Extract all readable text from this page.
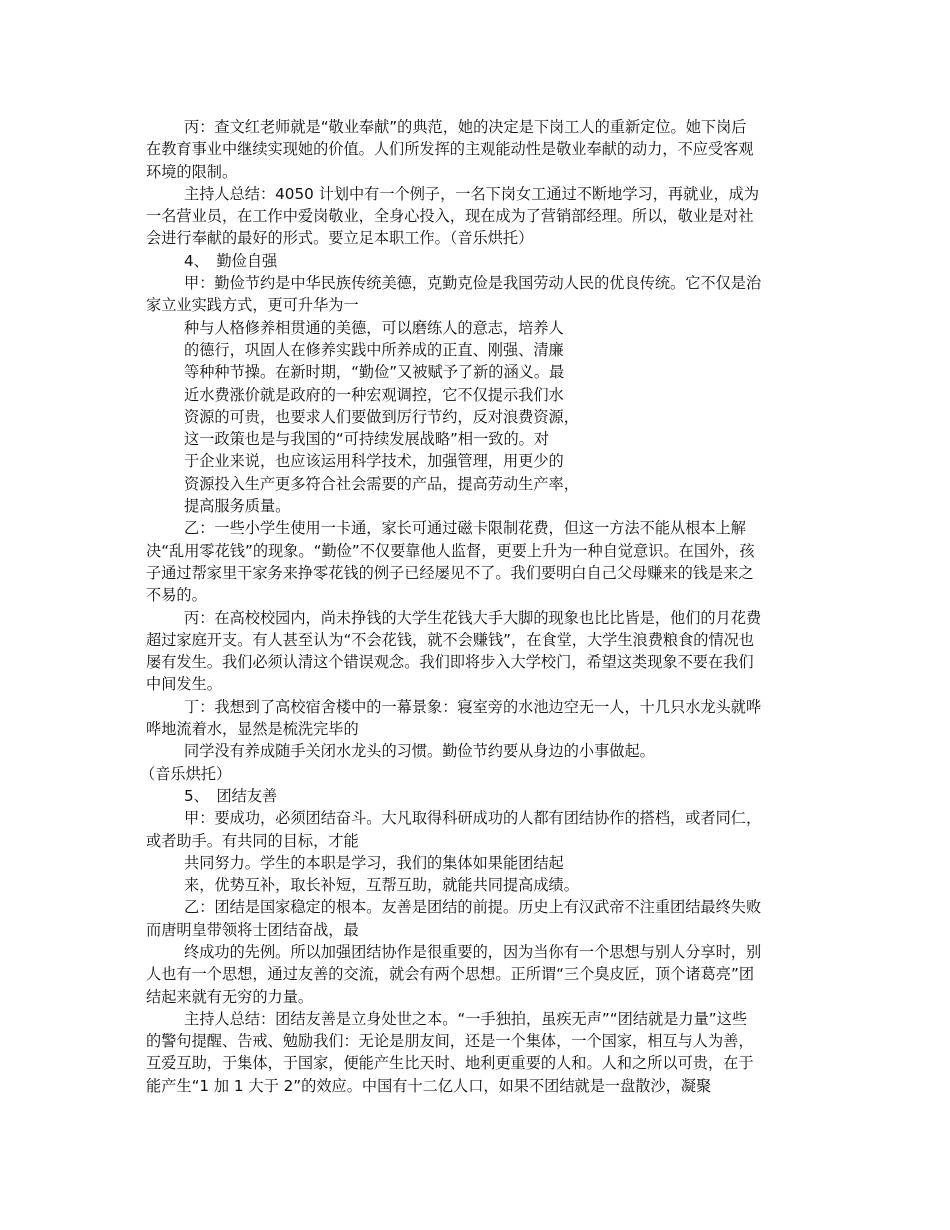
丙：查文红老师就是“敬业奉献”的典范，她的决定是下岗工人的重新定位。她下岗后
在教育事业中继续实现她的价值。人们所发挥的主观能动性是敬业奉献的动力，不应受客观
环境的限制。
主持人总结：4050 计划中有一个例子，一名下岗女工通过不断地学习，再就业，成为
一名营业员，在工作中爱岗敬业，全身心投入，现在成为了营销部经理。所以，敬业是对社
会进行奉献的最好的形式。要立足本职工作。（音乐烘托）
4、　勤俭自强
甲：勤俭节约是中华民族传统美德，克勤克俭是我国劳动人民的优良传统。它不仅是治
家立业实践方式，更可升华为一
种与人格修养相贯通的美德，可以磨练人的意志，培养人
的德行，巩固人在修养实践中所养成的正直、刚强、清廉
等种种节操。在新时期，“勤俭”又被赋予了新的涵义。最
近水费涨价就是政府的一种宏观调控，它不仅提示我们水
资源的可贵，也要求人们要做到厉行节约，反对浪费资源，
这一政策也是与我国的“可持续发展战略”相一致的。对
于企业来说，也应该运用科学技术，加强管理，用更少的
资源投入生产更多符合社会需要的产品，提高劳动生产率，
提高服务质量。
乙：一些小学生使用一卡通，家长可通过磁卡限制花费，但这一方法不能从根本上解
决“乱用零花钱”的现象。“勤俭”不仅要靠他人监督，更要上升为一种自觉意识。在国外，孩
子通过帮家里干家务来挣零花钱的例子已经屡见不了。我们要明白自己父母赚来的钱是来之
不易的。
丙：在高校校园内，尚未挣钱的大学生花钱大手大脚的现象也比比皆是，他们的月花费
超过家庭开支。有人甚至认为“不会花钱，就不会赚钱”，在食堂，大学生浪费粮食的情况也
屡有发生。我们必须认清这个错误观念。我们即将步入大学校门，希望这类现象不要在我们
中间发生。
丁：我想到了高校宿舍楼中的一幕景象：寝室旁的水池边空无一人，十几只水龙头就哗
哗地流着水，显然是梳洗完毕的
同学没有养成随手关闭水龙头的习惯。勤俭节约要从身边的小事做起。
（音乐烘托）
5、　团结友善
甲：要成功，必须团结奋斗。大凡取得科研成功的人都有团结协作的搭档，或者同仁，
或者助手。有共同的目标，才能
共同努力。学生的本职是学习，我们的集体如果能团结起
来，优势互补，取长补短，互帮互助，就能共同提高成绩。
乙：团结是国家稳定的根本。友善是团结的前提。历史上有汉武帝不注重团结最终失败
而唐明皇带领将士团结奋战，最
终成功的先例。所以加强团结协作是很重要的，因为当你有一个思想与别人分享时，别
人也有一个思想，通过友善的交流，就会有两个思想。正所谓“三个臭皮匠，顶个诸葛亮”团
结起来就有无穷的力量。
主持人总结：团结友善是立身处世之本。“一手独拍，虽疾无声”“团结就是力量”这些
的警句提醒、告戒、勉励我们：无论是朋友间，还是一个集体，一个国家，相互与人为善，
互爱互助，于集体，于国家，便能产生比天时、地利更重要的人和。人和之所以可贵，在于
能产生“1 加 1 大于 2”的效应。中国有十二亿人口，如果不团结就是一盘散沙，凝聚
